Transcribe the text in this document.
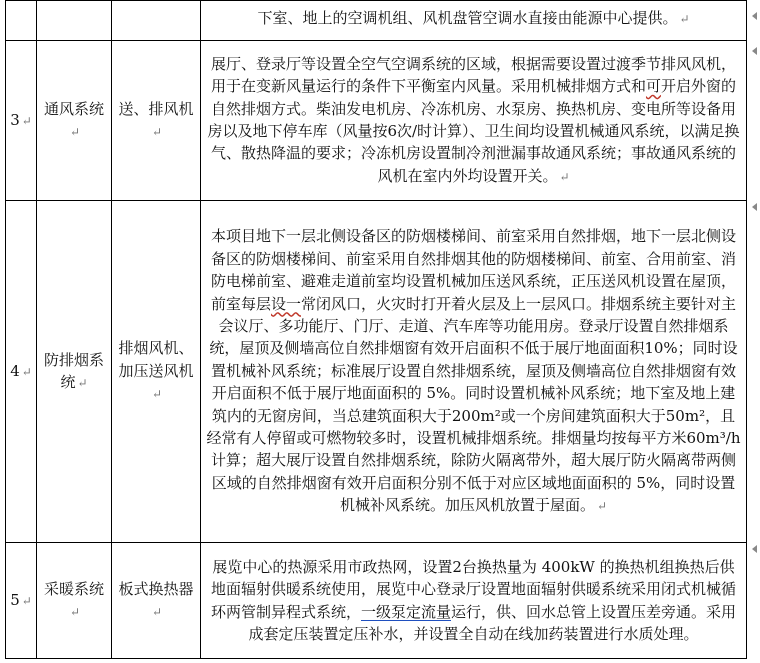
			下室、地上的空调机组、风机盘管空调水直接由能源中心提供。 ↵
3 ↵	通风系统↵	送、排风机↵	展厅、登录厅等设置全空气空调系统的区域，根据需要设置过渡季节排风风机，用于在变新风量运行的条件下平衡室内风量。采用机械排烟方式和可开启外窗的自然排烟方式。柴油发电机房、冷冻机房、水泵房、换热机房、变电所等设备用房以及地下停车库（风量按6次/时计算）、卫生间均设置机械通风系统，以满足换气、散热降温的要求；冷冻机房设置制冷剂泄漏事故通风系统；事故通风系统的风机在室内外均设置开关。 ↵
4 ↵	防排烟系统 ↵	排烟风机、加压送风机↵	本项目地下一层北侧设备区的防烟楼梯间、前室采用自然排烟，地下一层北侧设备区的防烟楼梯间、前室采用自然排烟其他的防烟楼梯间、前室、合用前室、消防电梯前室、避难走道前室均设置机械加压送风系统，正压送风机设置在屋顶，前室每层设一常闭风口，火灾时打开着火层及上一层风口。排烟系统主要针对主会议厅、多功能厅、门厅、走道、汽车库等功能用房。登录厅设置自然排烟系统，屋顶及侧墙高位自然排烟窗有效开启面积不低于展厅地面面积10%；同时设置机械补风系统；标准展厅设置自然排烟系统，屋顶及侧墙高位自然排烟窗有效开启面积不低于展厅地面面积的 5%。同时设置机械补风系统；地下室及地上建筑内的无窗房间，当总建筑面积大于200m²或一个房间建筑面积大于50m²，且经常有人停留或可燃物较多时，设置机械排烟系统。排烟量均按每平方米60m³/h计算；超大展厅设置自然排烟系统，除防火隔离带外，超大展厅防火隔离带两侧区域的自然排烟窗有效开启面积分别不低于对应区域地面面积的 5%，同时设置机械补风系统。加压风机放置于屋面。 ↵
5 ↵	采暖系统↵	板式换热器↵	展览中心的热源采用市政热网，设置2台换热量为 400kW 的换热机组换热后供地面辐射供暖系统使用，展览中心登录厅设置地面辐射供暖系统采用闭式机械循环两管制异程式系统，一级泵定流量运行，供、回水总管上设置压差旁通。采用成套定压装置定压补水，并设置全自动在线加药装置进行水质处理。
